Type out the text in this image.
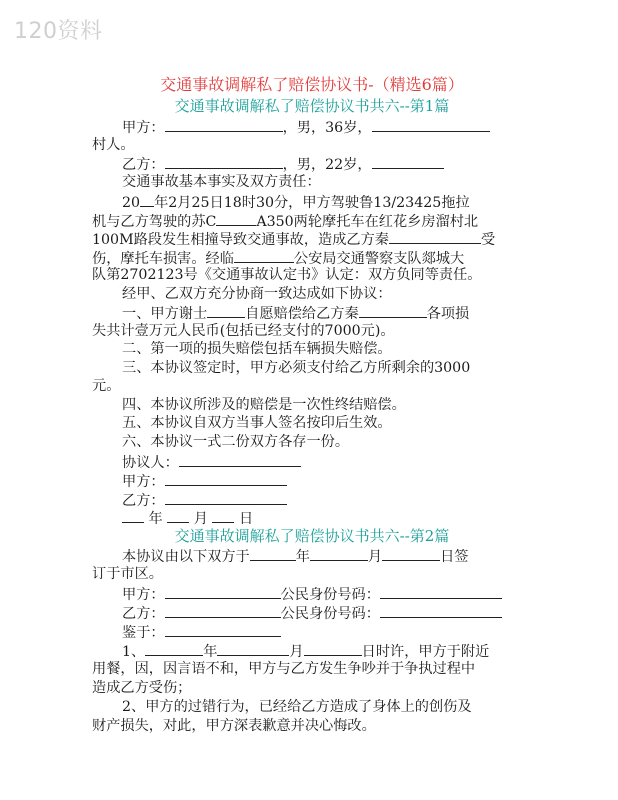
120资料
交通事故调解私了赔偿协议书-（精选6篇）
交通事故调解私了赔偿协议书共六--第1篇
甲方：	，男，36岁，
村人。
乙方：	，男，22岁，
交通事故基本事实及双方责任：
20 年2月25日18时30分，甲方驾驶鲁13/23425拖拉
机与乙方驾驶的苏C	A350两轮摩托车在红花乡房溜村北
100M路段发生相撞导致交通事故，造成乙方秦	受
伤，摩托车损害。经临	公安局交通警察支队郯城大
队第2702123号《交通事故认定书》认定：双方负同等责任。
经甲、乙双方充分协商一致达成如下协议：
一、甲方谢士	自愿赔偿给乙方秦	各项损
失共计壹万元人民币(包括已经支付的7000元)。
二、第一项的损失赔偿包括车辆损失赔偿。
三、本协议签定时，甲方必须支付给乙方所剩余的3000
元。
四、本协议所涉及的赔偿是一次性终结赔偿。
五、本协议自双方当事人签名按印后生效。
六、本协议一式二份双方各存一份。
协议人：
甲方：
乙方：
年 月 日
交通事故调解私了赔偿协议书共六--第2篇
本协议由以下双方于	年	月	日签
订于市区。
甲方：	公民身份号码：
乙方：	公民身份号码：
鉴于：
1、	年	月	日时许，甲方于附近
用餐，因，因言语不和，甲方与乙方发生争吵并于争执过程中
造成乙方受伤；
2、甲方的过错行为，已经给乙方造成了身体上的创伤及
财产损失，对此，甲方深表歉意并决心悔改。
